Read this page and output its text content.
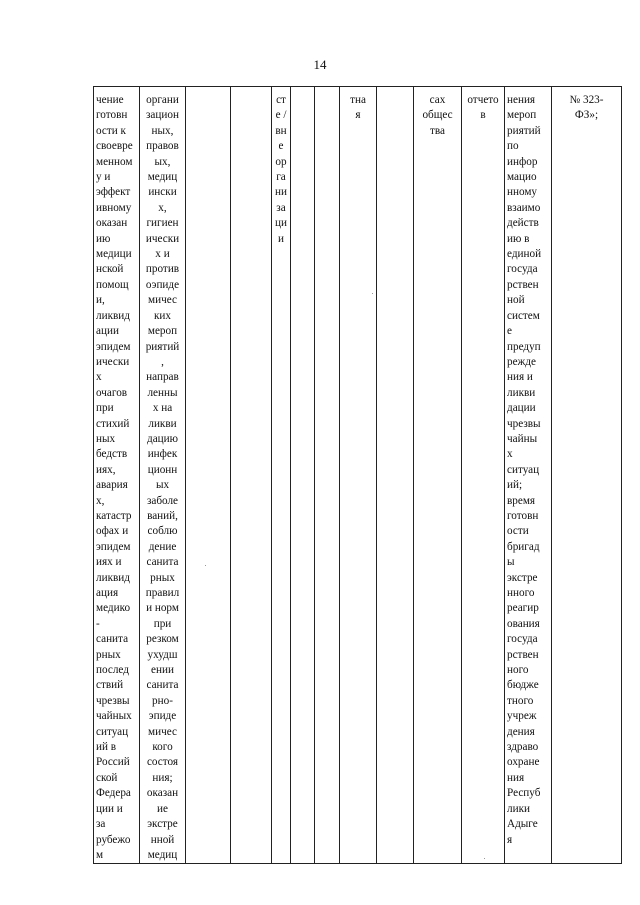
14
чение
готовн
ости к
своевре
менном
у и
эффект
ивному
оказан
ию
медици
нской
помощ
и,
ликвид
ации
эпидем
ически
х
очагов
при
стихий
ных
бедств
иях,
авария
х,
катастр
офах и
эпидем
иях и
ликвид
ация
медико
-
санита
рных
послед
ствий
чрезвы
чайных
ситуац
ий в
Россий
ской
Федера
ции и
за
рубежо
м	органи
зацион
ных,
правов
ых,
медиц
ински
х,
гигиен
ически
х и
против
оэпиде
мичес
ких
мероп
риятий
,
направ
ленны
х на
ликви
дацию
инфек
ционн
ых
заболе
ваний,
соблю
дение
санита
рных
правил
и норм
при
резком
ухудш
ении
санита
рно-
эпиде
мичес
кого
состоя
ния;
оказан
ие
экстре
нной
медиц			ст
е /
вн
е
ор
га
ни
за
ци
и			тна
я		сах
общес
тва	отчето
в	нения
мероп
риятий
по
инфор
мацио
нному
взаимо
действ
ию в
единой
госуда
рствен
ной
систем
е
предуп
режде
ния и
ликви
дации
чрезвы
чайны
х
ситуац
ий;
время
готовн
ости
бригад
ы
экстре
нного
реагир
ования
госуда
рствен
ного
бюдже
тного
учреж
дения
здраво
охране
ния
Респуб
лики
Адыге
я	№ 323-
ФЗ»;
